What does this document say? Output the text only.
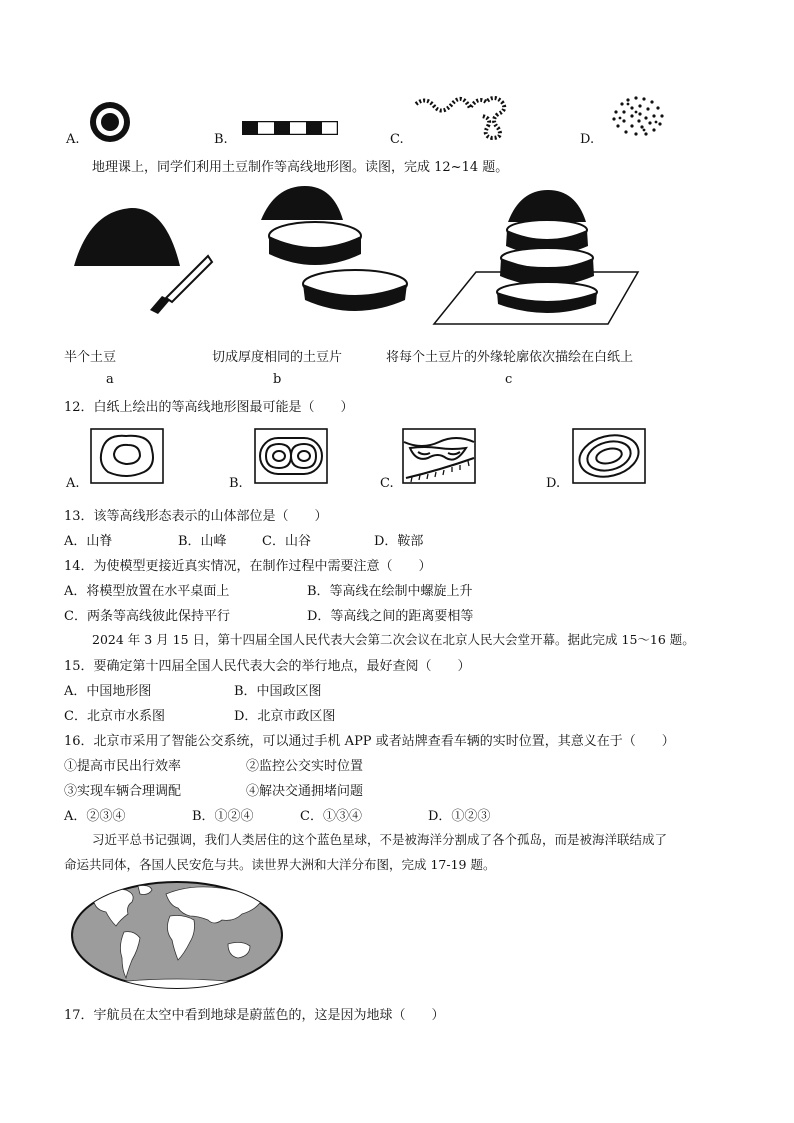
A.	B.	C.	D.
地理课上，同学们利用土豆制作等高线地形图。读图，完成 12~14 题。
半个土豆
a
切成厚度相同的土豆片
b
将每个土豆片的外缘轮廓依次描绘在白纸上
c
12．白纸上绘出的等高线地形图最可能是（　　）
A.	B.	C.	D.
13．该等高线形态表示的山体部位是（　　）
A．山脊	B．山峰	C．山谷	D．鞍部
14．为使模型更接近真实情况，在制作过程中需要注意（　　）
A．将模型放置在水平桌面上	B．等高线在绘制中螺旋上升
C．两条等高线彼此保持平行	D．等高线之间的距离要相等
2024 年 3 月 15 日，第十四届全国人民代表大会第二次会议在北京人民大会堂开幕。据此完成 15～16 题。
15．要确定第十四届全国人民代表大会的举行地点，最好查阅（　　）
A．中国地形图	B．中国政区图
C．北京市水系图	D．北京市政区图
16．北京市采用了智能公交系统，可以通过手机 APP 或者站牌查看车辆的实时位置，其意义在于（　　）
①提高市民出行效率	②监控公交实时位置
③实现车辆合理调配	④解决交通拥堵问题
A．②③④	B．①②④	C．①③④	D．①②③
习近平总书记强调，我们人类居住的这个蓝色星球，不是被海洋分割成了各个孤岛，而是被海洋联结成了
命运共同体，各国人民安危与共。读世界大洲和大洋分布图，完成 17-19 题。
17．宇航员在太空中看到地球是蔚蓝色的，这是因为地球（　　）
